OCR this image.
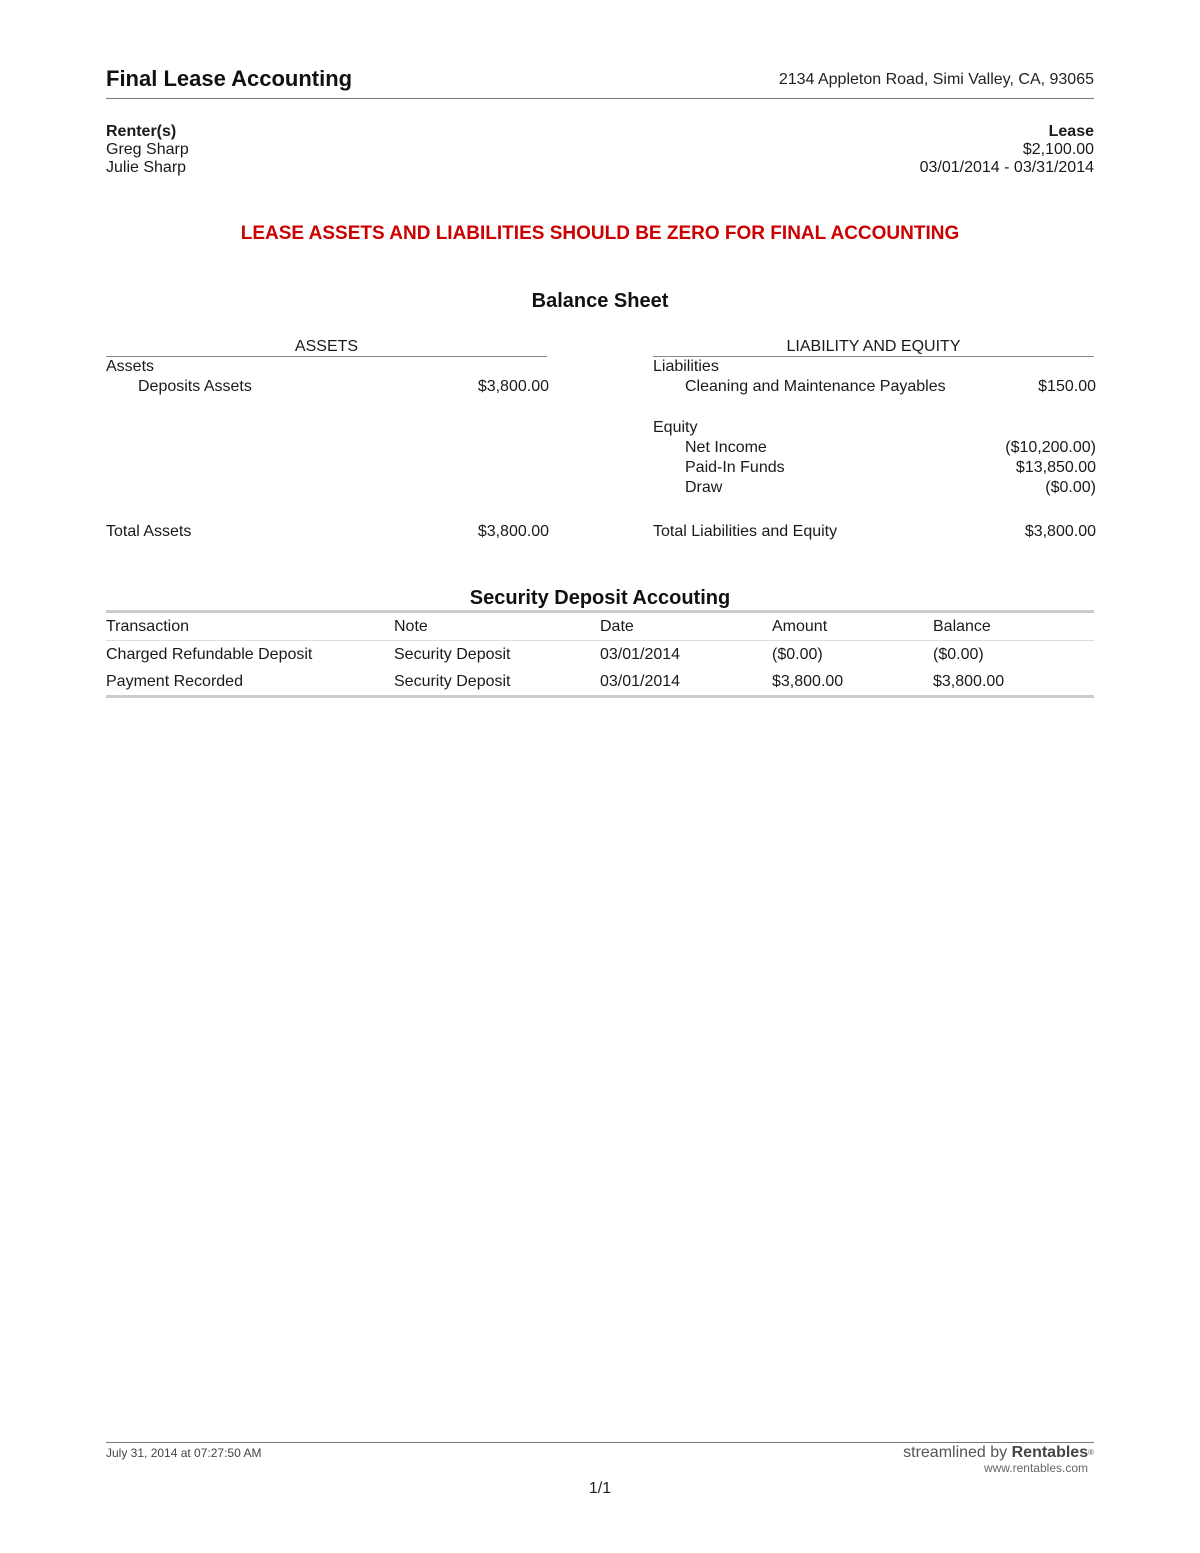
Final Lease Accounting	2134 Appleton Road, Simi Valley, CA, 93065
Renter(s)
Greg Sharp
Julie Sharp
Lease
$2,100.00
03/01/2014 - 03/31/2014
LEASE ASSETS AND LIABILITIES SHOULD BE ZERO FOR FINAL ACCOUNTING
Balance Sheet
ASSETS
Assets
Deposits Assets	$3,800.00
LIABILITY AND EQUITY
Liabilities
Cleaning and Maintenance Payables	$150.00
Equity
Net Income	($10,200.00)
Paid-In Funds	$13,850.00
Draw	($0.00)
Total Assets	$3,800.00	Total Liabilities and Equity	$3,800.00
Security Deposit Accouting
Transaction	Note	Date	Amount	Balance
Charged Refundable Deposit	Security Deposit	03/01/2014	($0.00)	($0.00)
Payment Recorded	Security Deposit	03/01/2014	$3,800.00	$3,800.00
July 31, 2014 at 07:27:50 AM	streamlined by Rentables®
www.rentables.com
1/1
